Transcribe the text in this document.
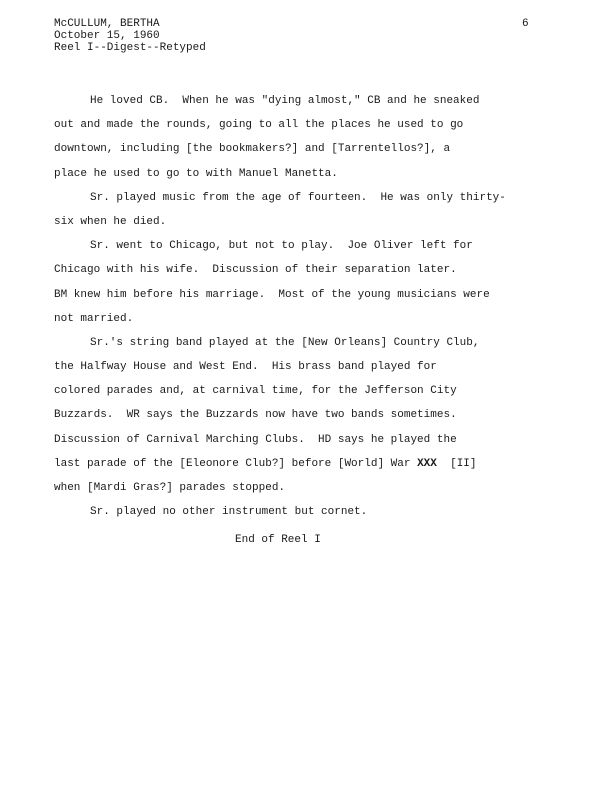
McCULLUM, BERTHA
October 15, 1960
Reel I--Digest--Retyped
6
He loved CB.  When he was "dying almost," CB and he sneaked
out and made the rounds, going to all the places he used to go
downtown, including [the bookmakers?] and [Tarrentellos?], a
place he used to go to with Manuel Manetta.
Sr. played music from the age of fourteen.  He was only thirty-
six when he died.
Sr. went to Chicago, but not to play.  Joe Oliver left for
Chicago with his wife.  Discussion of their separation later.
BM knew him before his marriage.  Most of the young musicians were
not married.
Sr.'s string band played at the [New Orleans] Country Club,
the Halfway House and West End.  His brass band played for
colored parades and, at carnival time, for the Jefferson City
Buzzards.  WR says the Buzzards now have two bands sometimes.
Discussion of Carnival Marching Clubs.  HD says he played the
last parade of the [Eleonore Club?] before [World] War XXX [II]
when [Mardi Gras?] parades stopped.
Sr. played no other instrument but cornet.
End of Reel I
